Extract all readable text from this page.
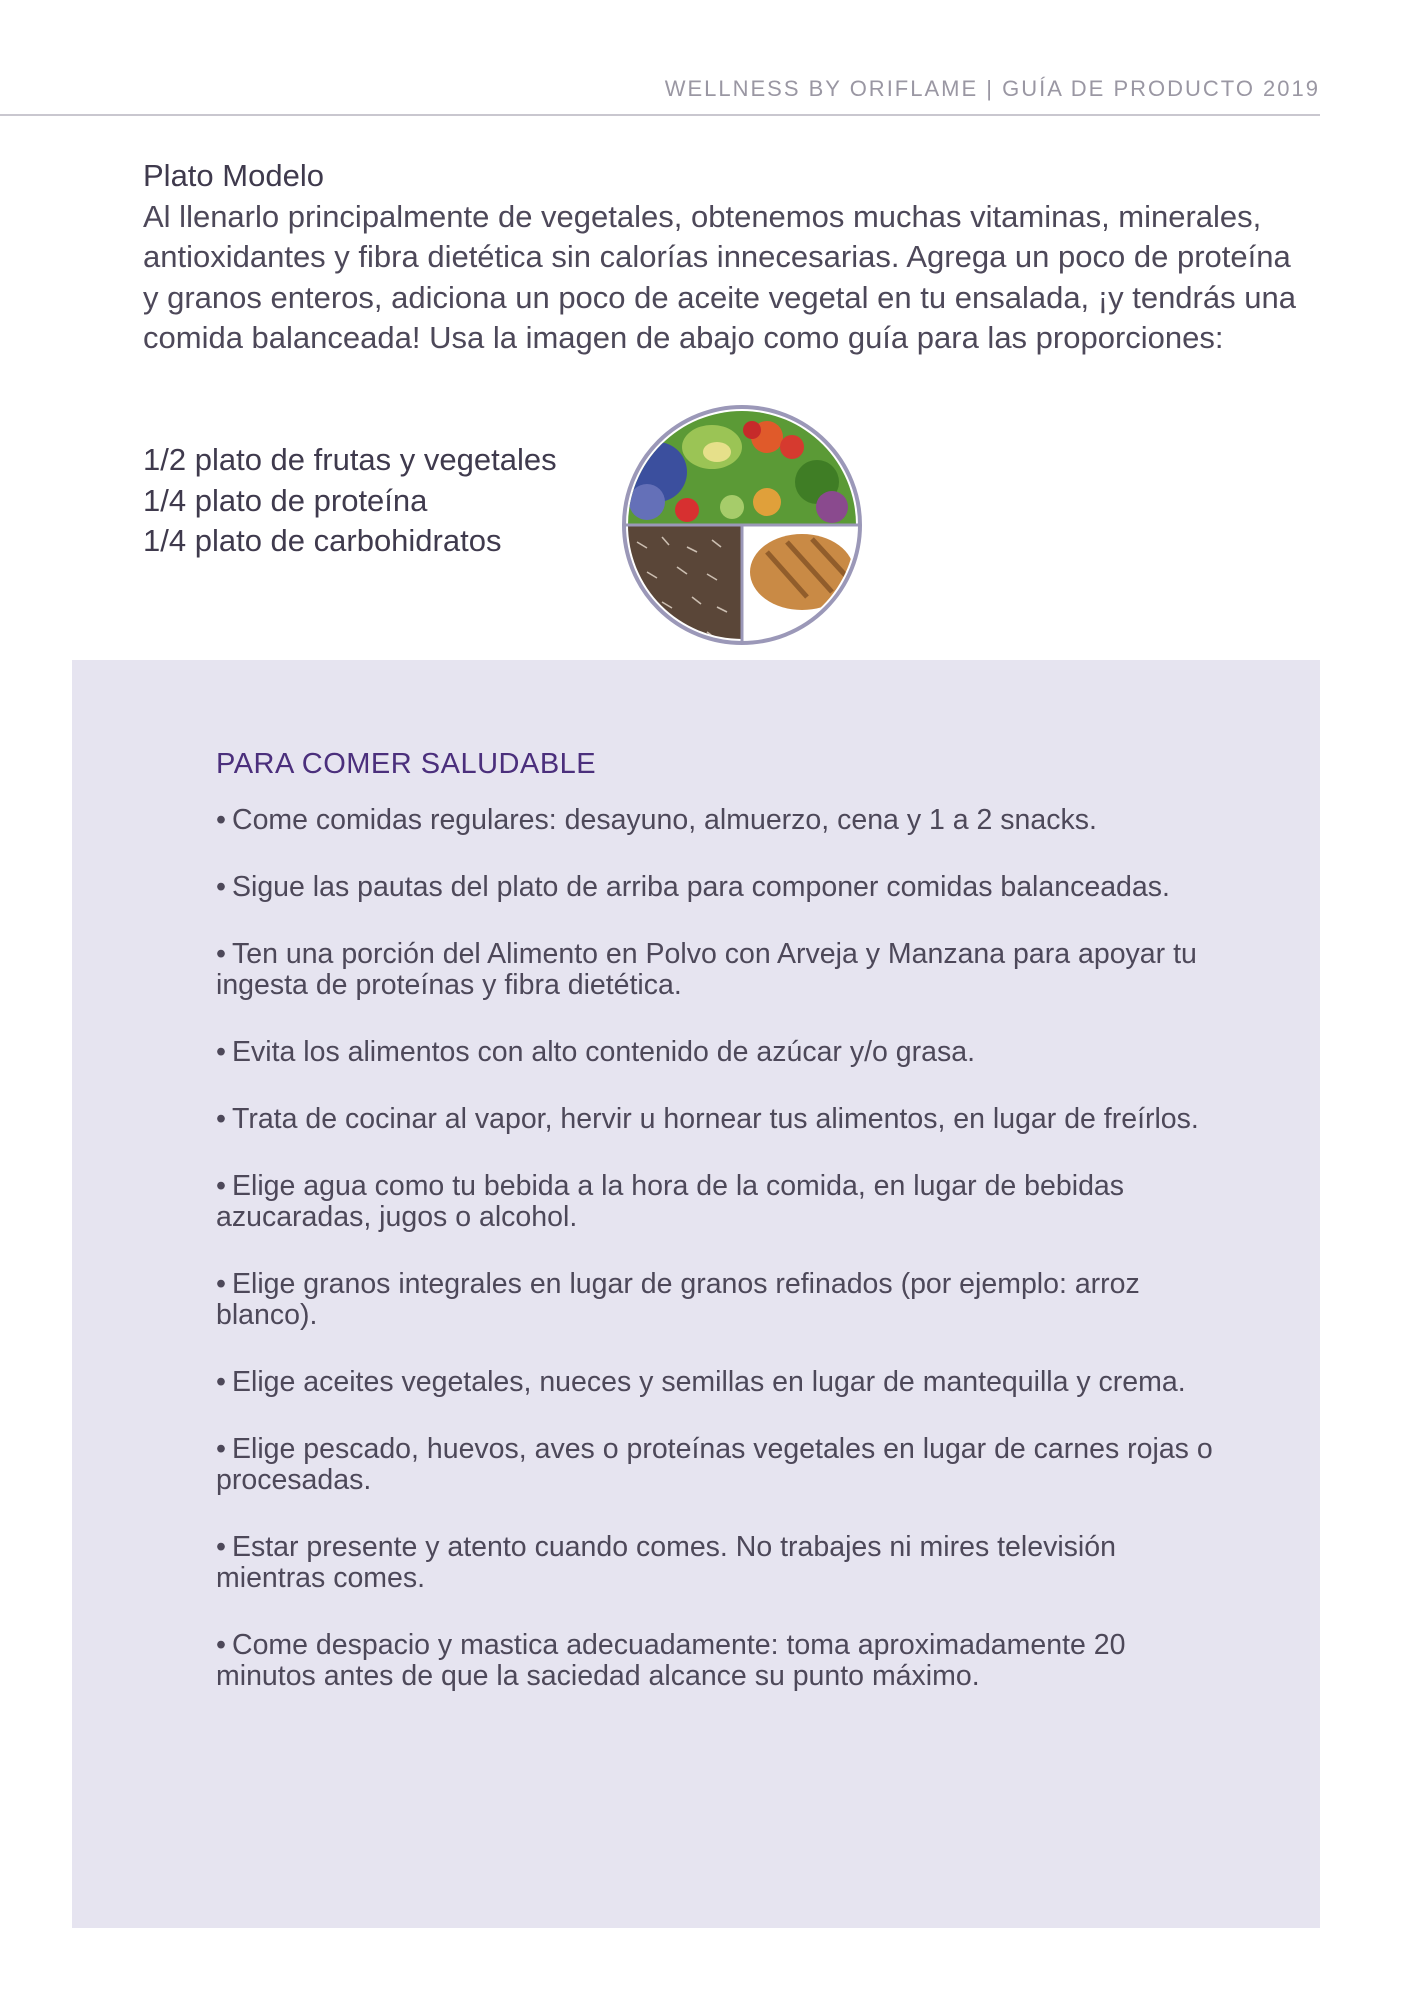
WELLNESS BY ORIFLAME | GUÍA DE PRODUCTO 2019
Plato Modelo
Al llenarlo principalmente de vegetales, obtenemos muchas vitaminas, minerales, antioxidantes y fibra dietética sin calorías innecesarias. Agrega un poco de proteína y granos enteros, adiciona un poco de aceite vegetal en tu ensalada, ¡y tendrás una comida balanceada! Usa la imagen de abajo como guía para las proporciones:
1/2 plato de frutas y vegetales
1/4 plato de proteína
1/4 plato de carbohidratos
PARA COMER SALUDABLE
• Come comidas regulares: desayuno, almuerzo, cena y 1 a 2 snacks.
• Sigue las pautas del plato de arriba para componer comidas balanceadas.
• Ten una porción del Alimento en Polvo con Arveja y Manzana para apoyar tu ingesta de proteínas y fibra dietética.
• Evita los alimentos con alto contenido de azúcar y/o grasa.
• Trata de cocinar al vapor, hervir u hornear tus alimentos, en lugar de freírlos.
• Elige agua como tu bebida a la hora de la comida, en lugar de bebidas azucaradas, jugos o alcohol.
• Elige granos integrales en lugar de granos refinados (por ejemplo: arroz blanco).
• Elige aceites vegetales, nueces y semillas en lugar de mantequilla y crema.
• Elige pescado, huevos, aves o proteínas vegetales en lugar de carnes rojas o procesadas.
• Estar presente y atento cuando comes. No trabajes ni mires televisión mientras comes.
• Come despacio y mastica adecuadamente: toma aproximadamente 20 minutos antes de que la saciedad alcance su punto máximo.
